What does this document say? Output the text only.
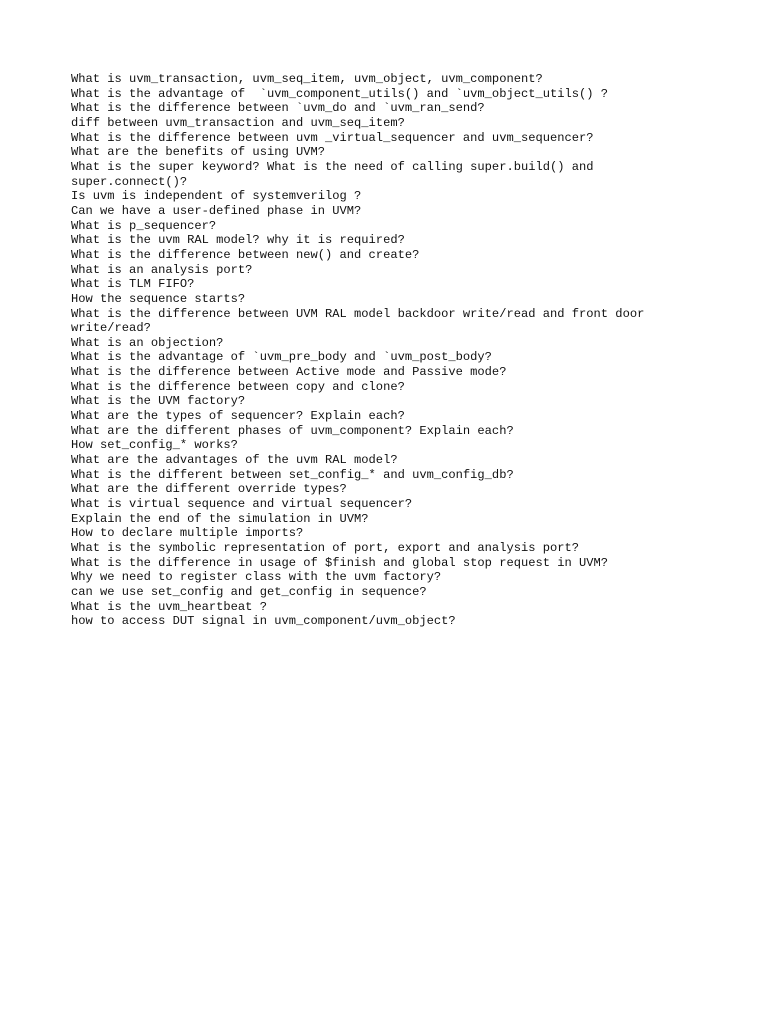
What is uvm_transaction, uvm_seq_item, uvm_object, uvm_component?

What is the advantage of  `uvm_component_utils() and `uvm_object_utils() ?

What is the difference between `uvm_do and `uvm_ran_send?

diff between uvm_transaction and uvm_seq_item?

What is the difference between uvm _virtual_sequencer and uvm_sequencer?

What are the benefits of using UVM?

What is the super keyword? What is the need of calling super.build() and

super.connect()?

Is uvm is independent of systemverilog ?

Can we have a user-defined phase in UVM?

What is p_sequencer?

What is the uvm RAL model? why it is required?

What is the difference between new() and create?

What is an analysis port?

What is TLM FIFO?

How the sequence starts?

What is the difference between UVM RAL model backdoor write/read and front door

write/read?

What is an objection?

What is the advantage of `uvm_pre_body and `uvm_post_body?

What is the difference between Active mode and Passive mode?

What is the difference between copy and clone?

What is the UVM factory?

What are the types of sequencer? Explain each?

What are the different phases of uvm_component? Explain each?

How set_config_* works?

What are the advantages of the uvm RAL model?

What is the different between set_config_* and uvm_config_db?

What are the different override types?

What is virtual sequence and virtual sequencer?

Explain the end of the simulation in UVM?

How to declare multiple imports?

What is the symbolic representation of port, export and analysis port?

What is the difference in usage of $finish and global stop request in UVM?

Why we need to register class with the uvm factory?

can we use set_config and get_config in sequence?

What is the uvm_heartbeat ?

how to access DUT signal in uvm_component/uvm_object?
